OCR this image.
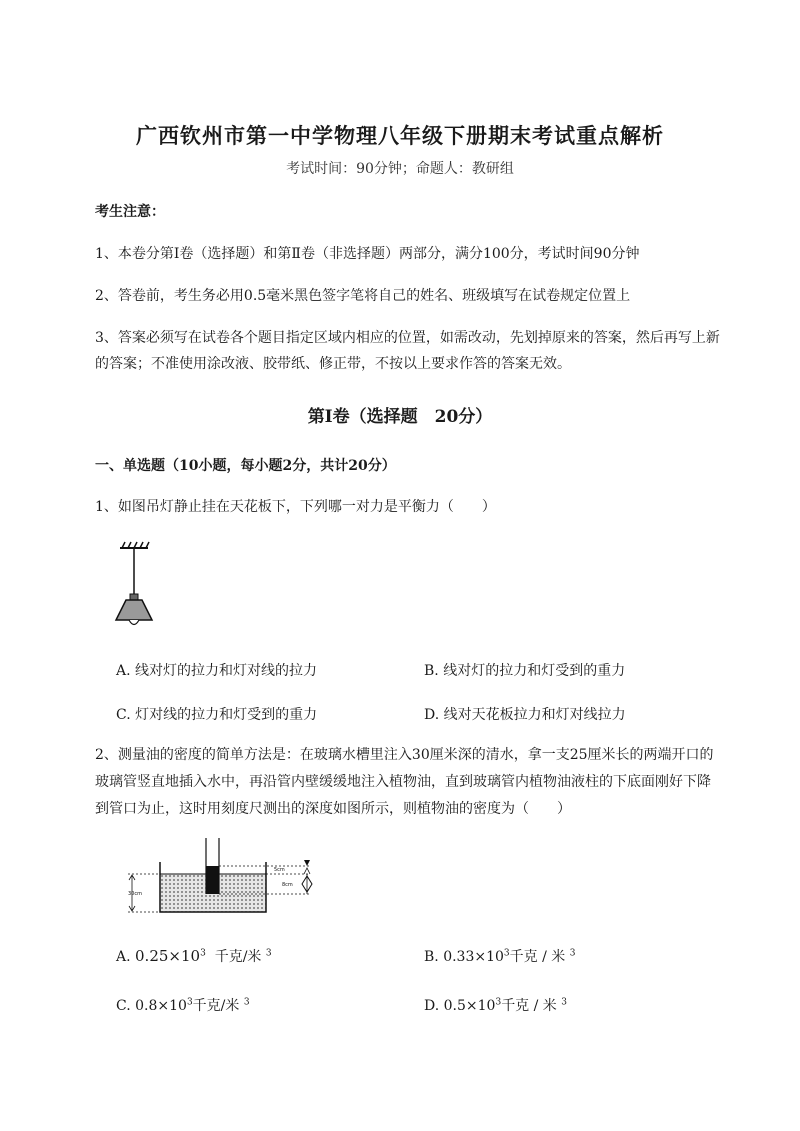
广西钦州市第一中学物理八年级下册期末考试重点解析
考试时间：90分钟；命题人：教研组
考生注意：
1、本卷分第I卷（选择题）和第Ⅱ卷（非选择题）两部分，满分100分，考试时间90分钟
2、答卷前，考生务必用0.5毫米黑色签字笔将自己的姓名、班级填写在试卷规定位置上
3、答案必须写在试卷各个题目指定区域内相应的位置，如需改动，先划掉原来的答案，然后再写上新
的答案；不准使用涂改液、胶带纸、修正带，不按以上要求作答的答案无效。
第I卷（选择题　20分）
一、单选题（10小题，每小题2分，共计20分）
1、如图吊灯静止挂在天花板下，下列哪一对力是平衡力（　　）
A. 线对灯的拉力和灯对线的拉力	B. 线对灯的拉力和灯受到的重力
C. 灯对线的拉力和灯受到的重力	D. 线对天花板拉力和灯对线拉力
2、测量油的密度的简单方法是：在玻璃水槽里注入30厘米深的清水，拿一支25厘米长的两端开口的
玻璃管竖直地插入水中，再沿管内壁缓缓地注入植物油，直到玻璃管内植物油液柱的下底面刚好下降
到管口为止，这时用刻度尺测出的深度如图所示，则植物油的密度为（　　）
30cm
5cm
8cm
A. $0.25\times 10^3$ 千克/米 $^3$	B. $0.33\times 10^3$千克 / 米 $^3$
C. $0.8\times 10^3$千克/米 $^3$	D. $0.5\times 10^3$千克 / 米 $^3$
